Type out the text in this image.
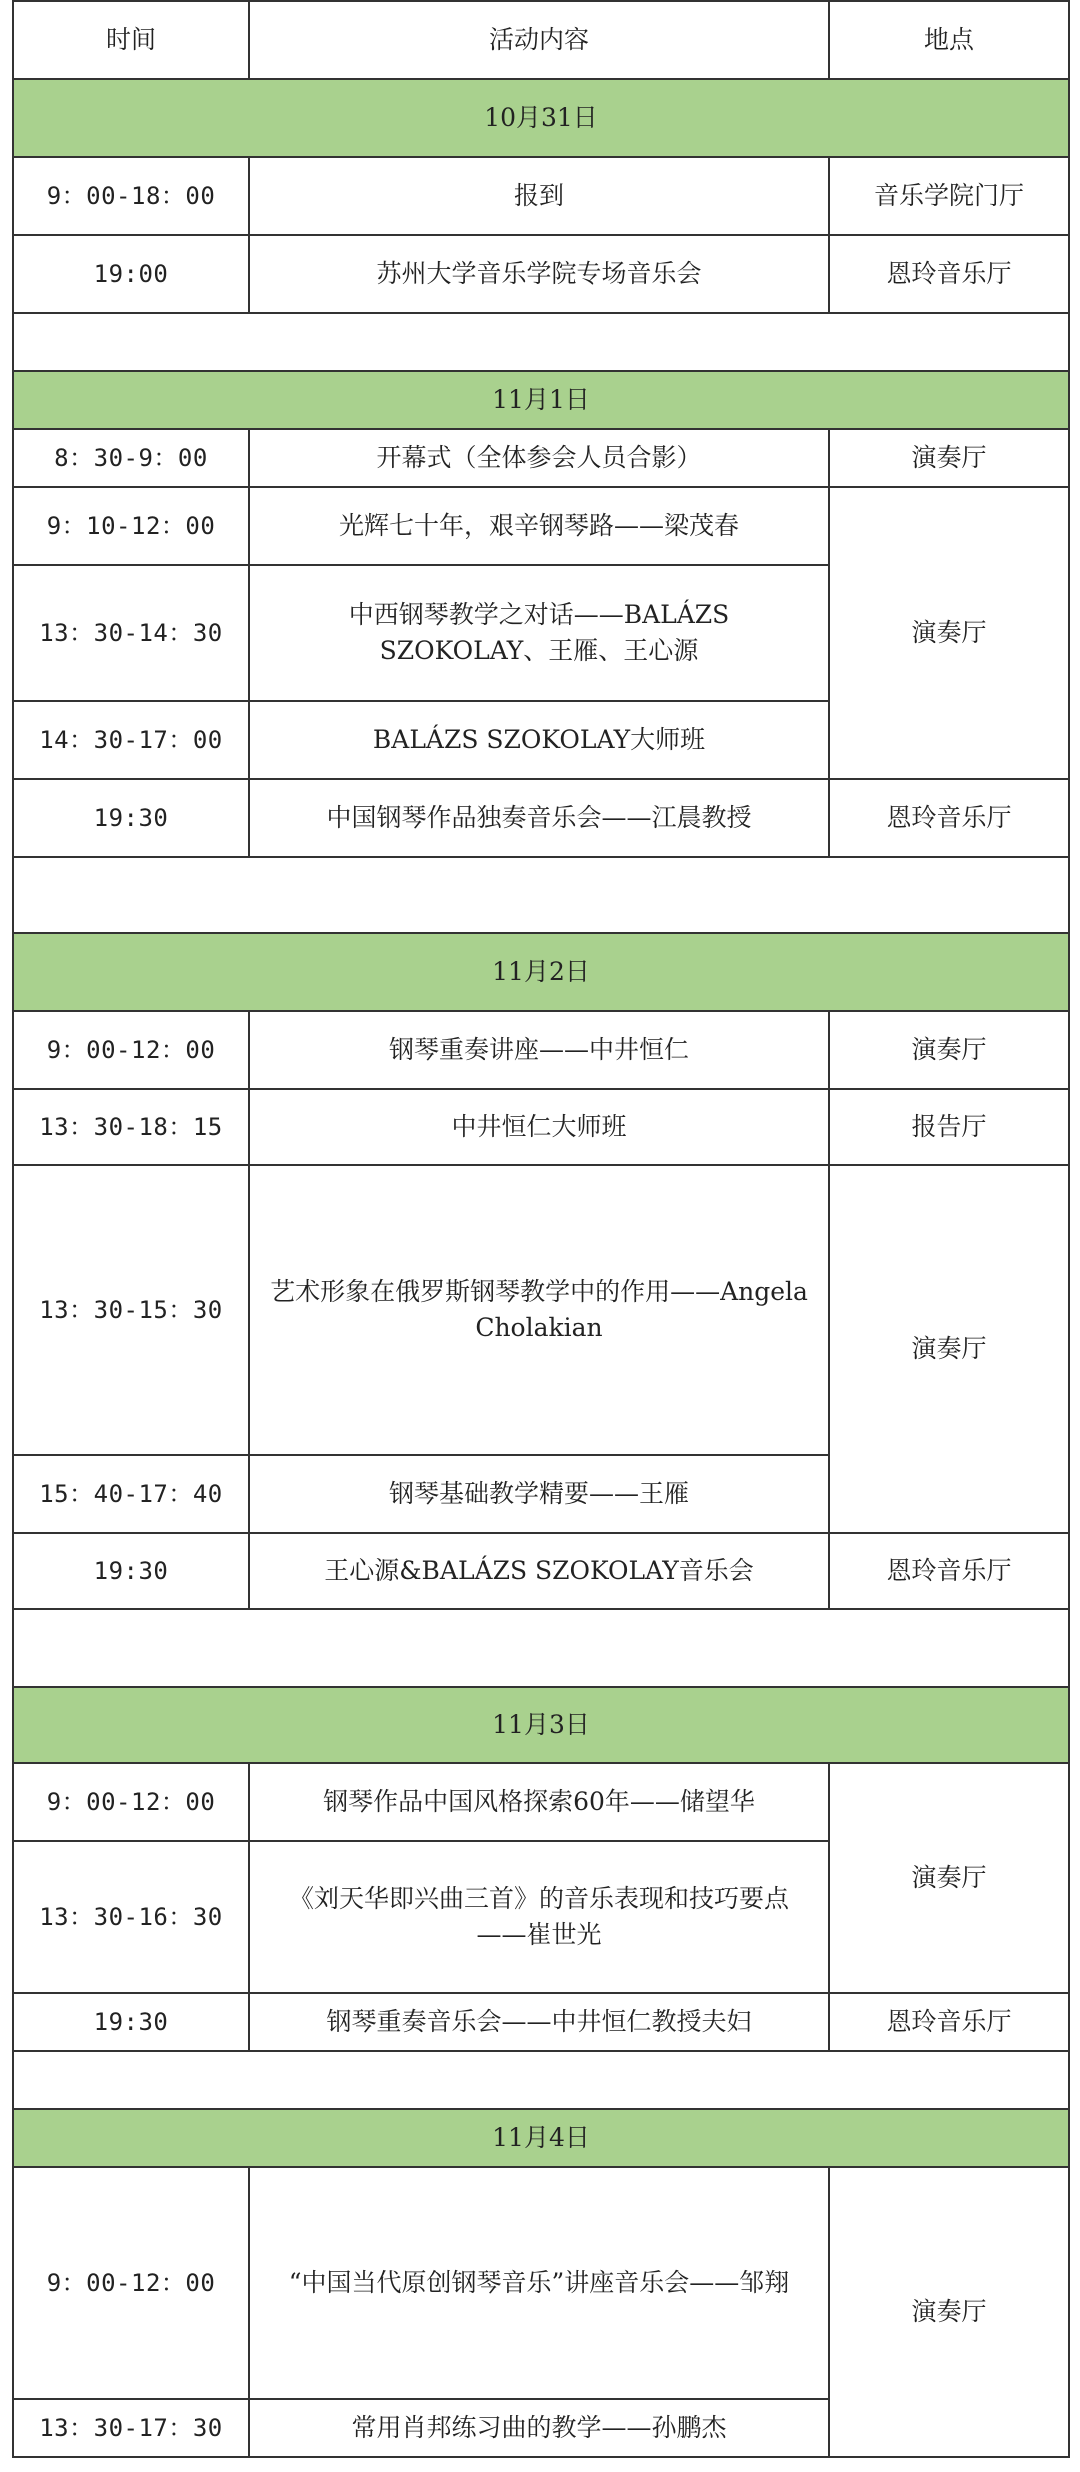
时间	活动内容	地点
10月31日		
9：00-18：00	报到	音乐学院门厅
19:00	苏州大学音乐学院专场音乐会	恩玲音乐厅

11月1日		
8：30-9：00	开幕式（全体参会人员合影）	演奏厅
9：10-12：00	光辉七十年，艰辛钢琴路——梁茂春	演奏厅
13：30-14：30	中西钢琴教学之对话——BALÁZS SZOKOLAY、王雁、王心源	
14：30-17：00	BALÁZS SZOKOLAY大师班	
19:30	中国钢琴作品独奏音乐会——江晨教授	恩玲音乐厅

11月2日		
9：00-12：00	钢琴重奏讲座——中井恒仁	演奏厅
13：30-18：15	中井恒仁大师班	报告厅
13：30-15：30	艺术形象在俄罗斯钢琴教学中的作用——Angela Cholakian	演奏厅
15：40-17：40	钢琴基础教学精要——王雁	
19:30	王心源&BALÁZS SZOKOLAY音乐会	恩玲音乐厅

11月3日		
9：00-12：00	钢琴作品中国风格探索60年——储望华	演奏厅
13：30-16：30	《刘天华即兴曲三首》的音乐表现和技巧要点——崔世光	
19:30	钢琴重奏音乐会——中井恒仁教授夫妇	恩玲音乐厅

11月4日		
9：00-12：00	“中国当代原创钢琴音乐”讲座音乐会——邹翔	演奏厅
13：30-17：30	常用肖邦练习曲的教学——孙鹏杰	
